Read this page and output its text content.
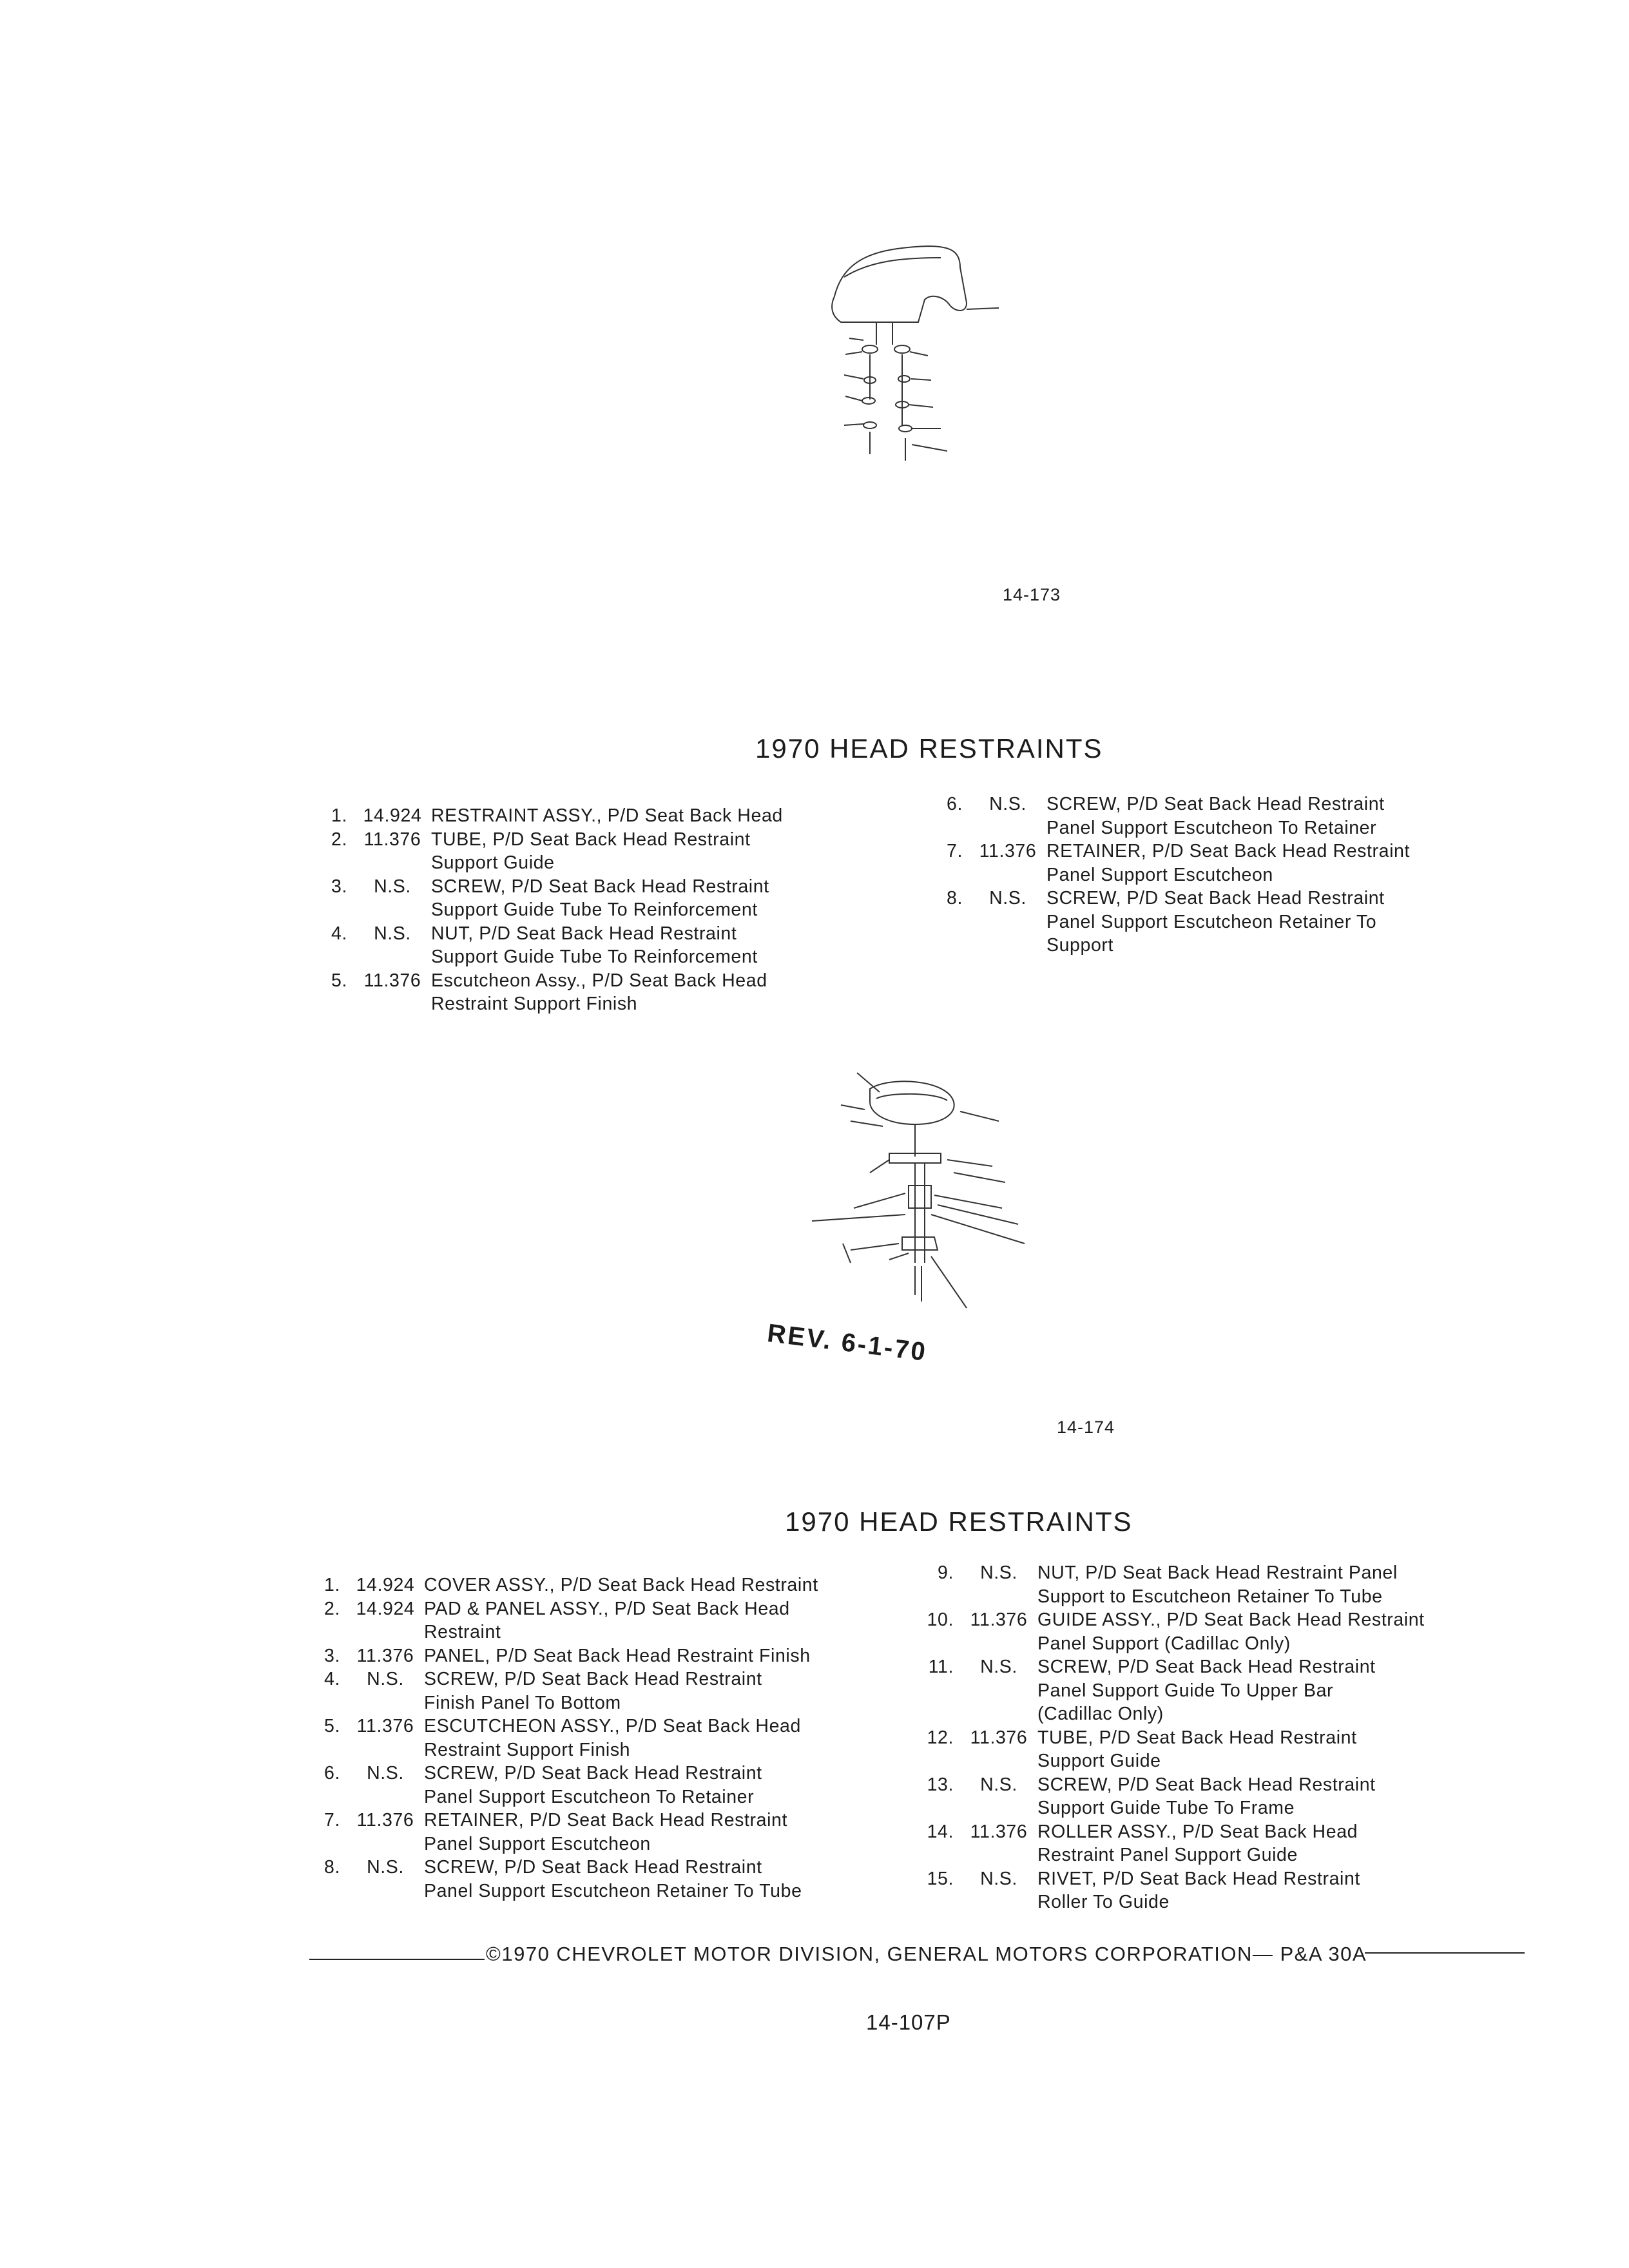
14-173
1970 HEAD RESTRAINTS
1. 14.924 RESTRAINT ASSY., P/D Seat Back Head
2. 11.376 TUBE, P/D Seat Back Head Restraint
Support Guide
3.	N.S.	SCREW, P/D Seat Back Head Restraint
Support Guide Tube To Reinforcement
4.	N.S.	NUT, P/D Seat Back Head Restraint
Support Guide Tube To Reinforcement
5. 11.376 Escutcheon Assy., P/D Seat Back Head
Restraint Support Finish
6.	N.S.	SCREW, P/D Seat Back Head Restraint
Panel Support Escutcheon To Retainer
7. 11.376 RETAINER, P/D Seat Back Head Restraint
Panel Support Escutcheon
8.	N.S.	SCREW, P/D Seat Back Head Restraint
Panel Support Escutcheon Retainer To
Support
REV. 6-1-70
14-174
1970 HEAD RESTRAINTS
1. 14.924 COVER ASSY., P/D Seat Back Head Restraint
2. 14.924 PAD & PANEL ASSY., P/D Seat Back Head
Restraint
3. 11.376 PANEL, P/D Seat Back Head Restraint Finish
4.	N.S.	SCREW, P/D Seat Back Head Restraint
Finish Panel To Bottom
5. 11.376 ESCUTCHEON ASSY., P/D Seat Back Head
Restraint Support Finish
6.	N.S.	SCREW, P/D Seat Back Head Restraint
Panel Support Escutcheon To Retainer
7. 11.376 RETAINER, P/D Seat Back Head Restraint
Panel Support Escutcheon
8.	N.S.	SCREW, P/D Seat Back Head Restraint
Panel Support Escutcheon Retainer To Tube
9.	N.S.	NUT, P/D Seat Back Head Restraint Panel
Support to Escutcheon Retainer To Tube
10. 11.376 GUIDE ASSY., P/D Seat Back Head Restraint
Panel Support (Cadillac Only)
11.	N.S.	SCREW, P/D Seat Back Head Restraint
Panel Support Guide To Upper Bar
(Cadillac Only)
12. 11.376 TUBE, P/D Seat Back Head Restraint
Support Guide
13.	N.S.	SCREW, P/D Seat Back Head Restraint
Support Guide Tube To Frame
14. 11.376 ROLLER ASSY., P/D Seat Back Head
Restraint Panel Support Guide
15.	N.S.	RIVET, P/D Seat Back Head Restraint
Roller To Guide
©1970 CHEVROLET MOTOR DIVISION, GENERAL MOTORS CORPORATION— P&A 30A
14-107P
